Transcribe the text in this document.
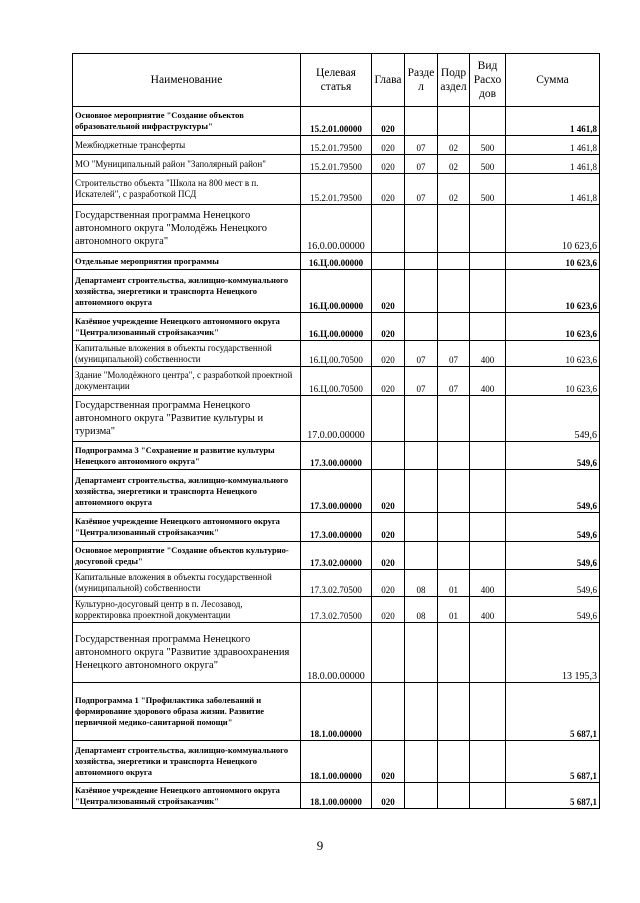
Наименование	Целевая статья	Глава	Разде л	Подр аздел	Вид Расхо дов	Сумма
Основное мероприятие "Создание объектов образовательной инфраструктуры"	15.2.01.00000	020				1 461,8
Межбюджетные трансферты	15.2.01.79500	020	07	02	500	1 461,8
МО "Муниципальный район "Заполярный район"	15.2.01.79500	020	07	02	500	1 461,8
Строительство объекта "Школа на 800 мест в п. Искателей", с разработкой ПСД	15.2.01.79500	020	07	02	500	1 461,8
Государственная программа Ненецкого автономного округа "Молодёжь Ненецкого автономного округа"	16.0.00.00000					10 623,6
Отдельные мероприятия программы	16.Ц.00.00000					10 623,6
Департамент строительства, жилищно-коммунального хозяйства, энергетики и транспорта Ненецкого автономного округа	16.Ц.00.00000	020				10 623,6
Казённое учреждение Ненецкого автономного округа "Централизованный стройзаказчик"	16.Ц.00.00000	020				10 623,6
Капитальные вложения в объекты государственной (муниципальной) собственности	16.Ц.00.70500	020	07	07	400	10 623,6
Здание "Молодёжного центра", с разработкой проектной документации	16.Ц.00.70500	020	07	07	400	10 623,6
Государственная программа Ненецкого автономного округа "Развитие культуры и туризма"	17.0.00.00000					549,6
Подпрограмма 3 "Сохранение и развитие культуры Ненецкого автономного округа"	17.3.00.00000					549,6
Департамент строительства, жилищно-коммунального хозяйства, энергетики и транспорта Ненецкого автономного округа	17.3.00.00000	020				549,6
Казённое учреждение Ненецкого автономного округа "Централизованный стройзаказчик"	17.3.00.00000	020				549,6
Основное мероприятие "Создание объектов культурно-досуговой среды"	17.3.02.00000	020				549,6
Капитальные вложения в объекты государственной (муниципальной) собственности	17.3.02.70500	020	08	01	400	549,6
Культурно-досуговый центр в п. Лесозавод, корректировка проектной документации	17.3.02.70500	020	08	01	400	549,6
Государственная программа Ненецкого автономного округа "Развитие здравоохранения Ненецкого автономного округа"	18.0.00.00000					13 195,3
Подпрограмма 1 "Профилактика заболеваний и формирование здорового образа жизни. Развитие первичной медико-санитарной помощи"	18.1.00.00000					5 687,1
Департамент строительства, жилищно-коммунального хозяйства, энергетики и транспорта Ненецкого автономного округа	18.1.00.00000	020				5 687,1
Казённое учреждение Ненецкого автономного округа "Централизованный стройзаказчик"	18.1.00.00000	020				5 687,1
9
